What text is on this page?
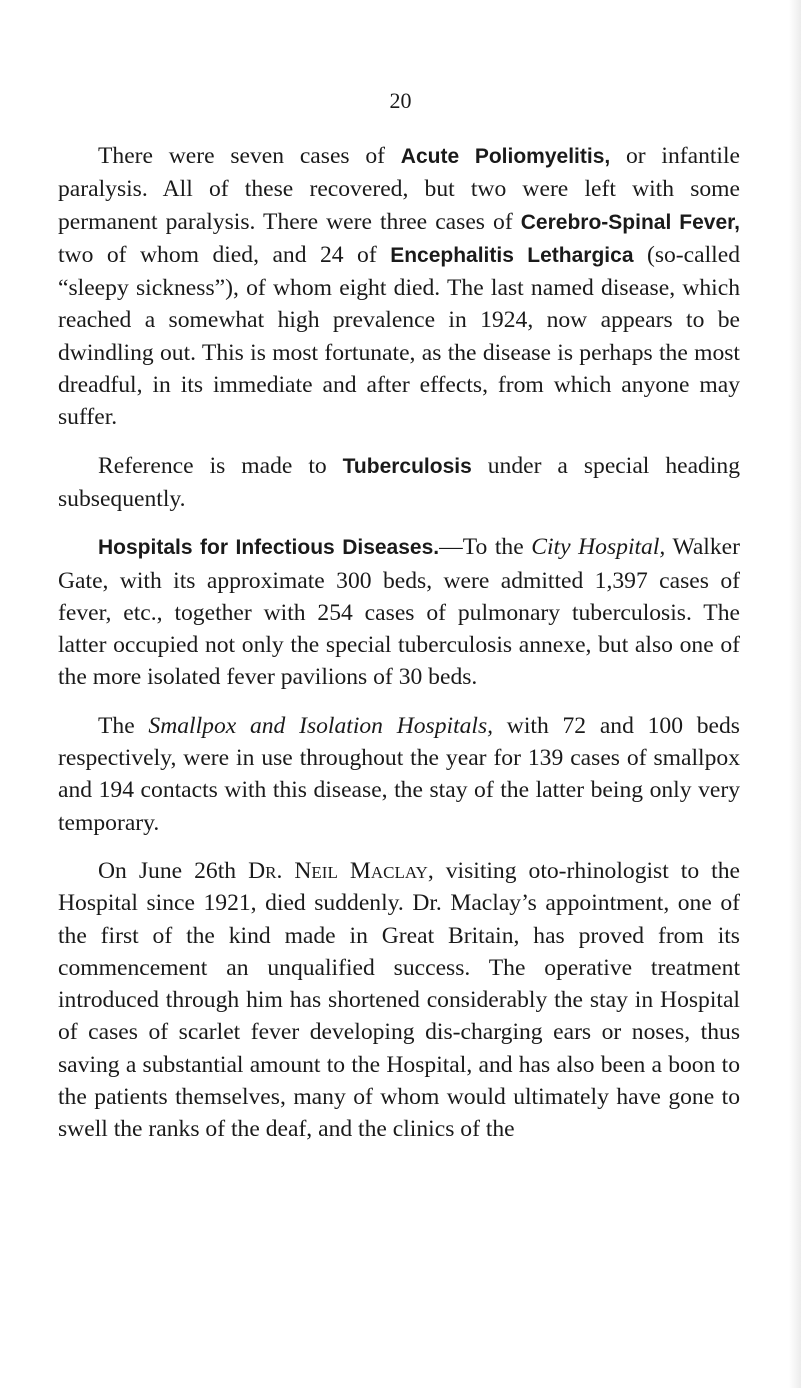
20

There were seven cases of Acute Poliomyelitis, or infantile paralysis. All of these recovered, but two were left with some permanent paralysis. There were three cases of Cerebro-Spinal Fever, two of whom died, and 24 of Encephalitis Lethargica (so-called “sleepy sickness”), of whom eight died. The last named disease, which reached a somewhat high prevalence in 1924, now appears to be dwindling out. This is most fortunate, as the disease is perhaps the most dreadful, in its immediate and after effects, from which anyone may suffer.

Reference is made to Tuberculosis under a special heading subsequently.

Hospitals for Infectious Diseases.—To the City Hospital, Walker Gate, with its approximate 300 beds, were admitted 1,397 cases of fever, etc., together with 254 cases of pulmonary tuberculosis. The latter occupied not only the special tuberculosis annexe, but also one of the more isolated fever pavilions of 30 beds.

The Smallpox and Isolation Hospitals, with 72 and 100 beds respectively, were in use throughout the year for 139 cases of smallpox and 194 contacts with this disease, the stay of the latter being only very temporary.

On June 26th Dr. Neil Maclay, visiting oto-rhinologist to the Hospital since 1921, died suddenly. Dr. Maclay’s appointment, one of the first of the kind made in Great Britain, has proved from its commencement an unqualified success. The operative treatment introduced through him has shortened considerably the stay in Hospital of cases of scarlet fever developing dis-charging ears or noses, thus saving a substantial amount to the Hospital, and has also been a boon to the patients themselves, many of whom would ultimately have gone to swell the ranks of the deaf, and the clinics of the
